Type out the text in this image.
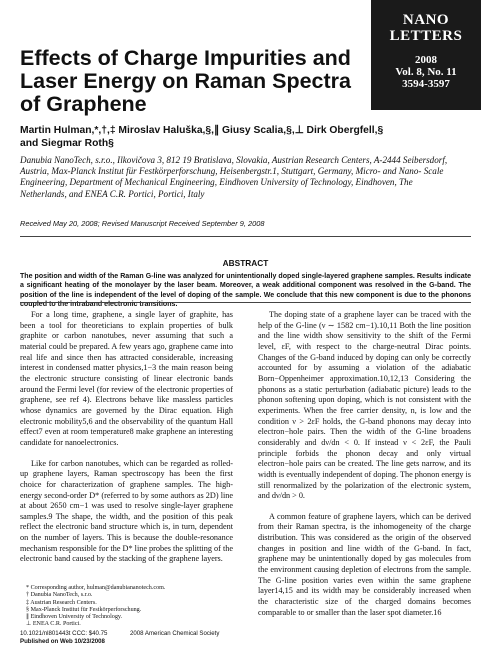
NANO
LETTERS
2008
Vol. 8, No. 11
3594-3597
Effects of Charge Impurities and Laser Energy on Raman Spectra of Graphene
Martin Hulman,*,†,‡ Miroslav Haluška,§,∥ Giusy Scalia,§,⊥ Dirk Obergfell,§
and Siegmar Roth§
Danubia NanoTech, s.r.o., Ilkovičova 3, 812 19 Bratislava, Slovakia, Austrian Research Centers, A-2444 Seibersdorf, Austria, Max-Planck Institut für Festkörperforschung, Heisenbergstr.1, Stuttgart, Germany, Micro- and Nano- Scale Engineering, Department of Mechanical Engineering, Eindhoven University of Technology, Eindhoven, The Netherlands, and ENEA C.R. Portici, Portici, Italy
Received May 20, 2008; Revised Manuscript Received September 9, 2008
ABSTRACT
The position and width of the Raman G-line was analyzed for unintentionally doped single-layered graphene samples. Results indicate a significant heating of the monolayer by the laser beam. Moreover, a weak additional component was resolved in the G-band. The position of the line is independent of the level of doping of the sample. We conclude that this new component is due to the phonons coupled to the intraband electronic transitions.

For a long time, graphene, a single layer of graphite, has been a tool for theoreticians to explain properties of bulk graphite or carbon nanotubes, never assuming that such a material could be prepared. A few years ago, graphene came into real life and since then has attracted considerable, increasing interest in condensed matter physics,1−3 the main reason being the electronic structure consisting of linear electronic bands around the Fermi level (for review of the electronic properties of graphene, see ref 4). Electrons behave like massless particles whose dynamics are governed by the Dirac equation. High electronic mobility5,6 and the observability of the quantum Hall effect7 even at room temperature8 make graphene an interesting candidate for nanoelectronics.

Like for carbon nanotubes, which can be regarded as rolled-up graphene layers, Raman spectroscopy has been the first choice for characterization of graphene samples. The high-energy second-order D* (referred to by some authors as 2D) line at about 2650 cm−1 was used to resolve single-layer graphene samples.9 The shape, the width, and the position of this peak reflect the electronic band structure which is, in turn, dependent on the number of layers. This is because the double-resonance mechanism responsible for the D* line probes the splitting of the electronic band caused by the stacking of the graphene layers.

The doping state of a graphene layer can be traced with the help of the G-line (ν ∼ 1582 cm−1).10,11 Both the line position and the line width show sensitivity to the shift of the Fermi level, εF, with respect to the charge-neutral Dirac points. Changes of the G-band induced by doping can only be correctly accounted for by assuming a violation of the adiabatic Born−Oppenheimer approximation.10,12,13 Considering the phonons as a static perturbation (adiabatic picture) leads to the phonon softening upon doping, which is not consistent with the experiments. When the free carrier density, n, is low and the condition ν > 2εF holds, the G-band phonons may decay into electron−hole pairs. Then the width of the G-line broadens considerably and dν/dn < 0. If instead ν < 2εF, the Pauli principle forbids the phonon decay and only virtual electron−hole pairs can be created. The line gets narrow, and its width is eventually independent of doping. The phonon energy is still renormalized by the polarization of the electronic system, and dν/dn > 0.

A common feature of graphene layers, which can be derived from their Raman spectra, is the inhomogeneity of the charge distribution. This was considered as the origin of the observed changes in position and line width of the G-band. In fact, graphene may be unintentionally doped by gas molecules from the environment causing depletion of electrons from the sample. The G-line position varies even within the same graphene layer14,15 and its width may be considerably increased when the characteristic size of the charged domains becomes comparable to or smaller than the laser spot diameter.16

* Corresponding author, hulman@danubiananotech.com.
† Danubia NanoTech, s.r.o.
‡ Austrian Research Centers.
§ Max-Planck Institut für Festkörperforschung.
∥ Eindhoven University of Technology.
⊥ ENEA C.R. Portici.
10.1021/nl801443t CCC: $40.75
Published on Web 10/23/2008
2008 American Chemical Society
